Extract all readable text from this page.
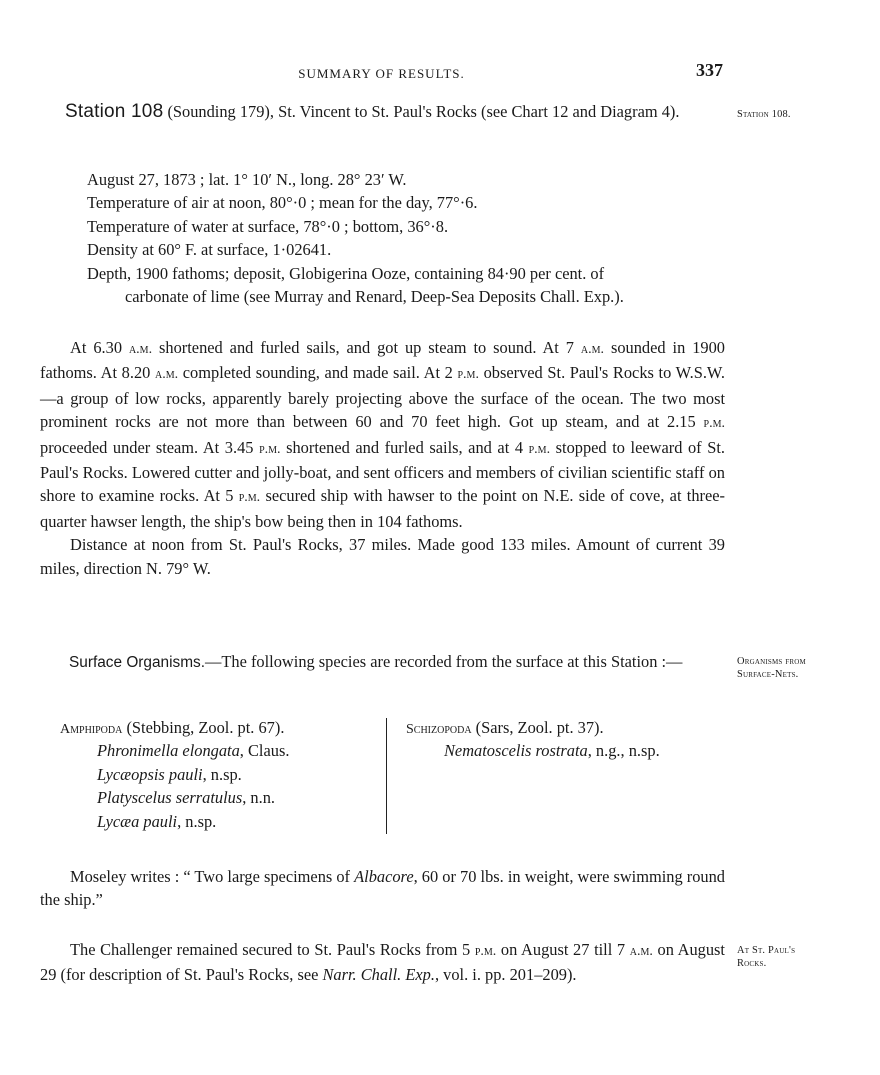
SUMMARY OF RESULTS.	337
Station 108 (Sounding 179), St. Vincent to St. Paul's Rocks (see Chart 12 and Diagram 4).	Station 108.
August 27, 1873 ; lat. 1° 10′ N., long. 28° 23′ W.
Temperature of air at noon, 80°·0 ; mean for the day, 77°·6.
Temperature of water at surface, 78°·0 ; bottom, 36°·8.
Density at 60° F. at surface, 1·02641.
Depth, 1900 fathoms; deposit, Globigerina Ooze, containing 84·90 per cent. of
carbonate of lime (see Murray and Renard, Deep-Sea Deposits Chall. Exp.).

At 6.30 a.m. shortened and furled sails, and got up steam to sound. At 7 a.m. sounded in 1900 fathoms. At 8.20 a.m. completed sounding, and made sail. At 2 p.m. observed St. Paul's Rocks to W.S.W.—a group of low rocks, apparently barely projecting above the surface of the ocean. The two most prominent rocks are not more than between 60 and 70 feet high. Got up steam, and at 2.15 p.m. proceeded under steam. At 3.45 p.m. shortened and furled sails, and at 4 p.m. stopped to leeward of St. Paul's Rocks. Lowered cutter and jolly-boat, and sent officers and members of civilian scientific staff on shore to examine rocks. At 5 p.m. secured ship with hawser to the point on N.E. side of cove, at three-quarter hawser length, the ship's bow being then in 104 fathoms.

Distance at noon from St. Paul's Rocks, 37 miles. Made good 133 miles. Amount of current 39 miles, direction N. 79° W.

Surface Organisms.—The following species are recorded from the surface at this Station :—	Organisms from
Surface-Nets.
Amphipoda (Stebbing, Zool. pt. 67).
Phronimella elongata, Claus.
Lycæopsis pauli, n.sp.
Platyscelus serratulus, n.n.
Lycæa pauli, n.sp.
Schizopoda (Sars, Zool. pt. 37).
Nematoscelis rostrata, n.g., n.sp.

Moseley writes : “ Two large specimens of Albacore, 60 or 70 lbs. in weight, were swimming round the ship.”

The Challenger remained secured to St. Paul's Rocks from 5 p.m. on August 27 till 7 a.m. on August 29 (for description of St. Paul's Rocks, see Narr. Chall. Exp., vol. i. pp. 201–209).

At St. Paul's
Rocks.
